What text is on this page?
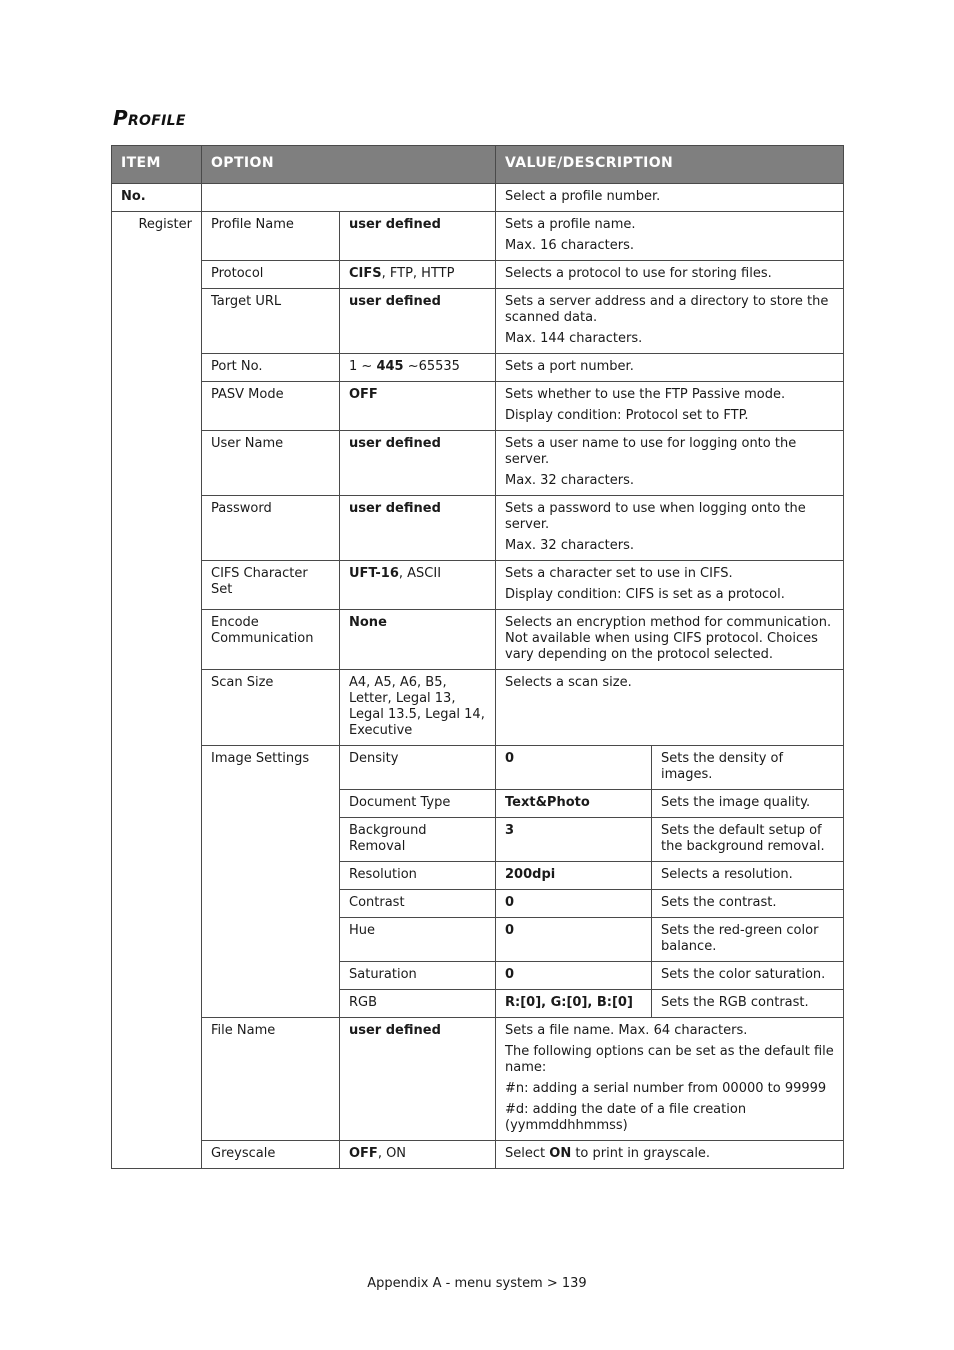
Profile
ITEM	OPTION		VALUE/DESCRIPTION	
No.			Select a profile number.	
Register	Profile Name	user defined	Sets a profile name.

Max. 16 characters.	

	Protocol	CIFS, FTP, HTTP	Selects a protocol to use for storing files.	

	Target URL	user defined	Sets a server address and a directory to store the scanned data.

Max. 144 characters.	

	Port No.	1 ~ 445 ~65535	Sets a port number.	

	PASV Mode	OFF	Sets whether to use the FTP Passive mode.

Display condition: Protocol set to FTP.	

	User Name	user defined	Sets a user name to use for logging onto the server.

Max. 32 characters.	

	Password	user defined	Sets a password to use when logging onto the server.

Max. 32 characters.	

	CIFS Character Set	UFT-16, ASCII	Sets a character set to use in CIFS.

Display condition: CIFS is set as a protocol.	

	Encode Communication	None	Selects an encryption method for communication. Not available when using CIFS protocol. Choices vary depending on the protocol selected.	

	Scan Size	A4, A5, A6, B5, Letter, Legal 13, Legal 13.5, Legal 14, Executive	Selects a scan size.	

	Image Settings	Density	0	Sets the density of images.
		Document Type	Text&Photo	Sets the image quality.
		Background Removal	3	Sets the default setup of the background removal.
		Resolution	200dpi	Selects a resolution.
		Contrast	0	Sets the contrast.
		Hue	0	Sets the red-green color balance.
		Saturation	0	Sets the color saturation.
		RGB	R:[0], G:[0], B:[0]	Sets the RGB contrast.
	File Name	user defined	Sets a file name. Max. 64 characters.

The following options can be set as the default file name:

#n: adding a serial number from 00000 to 99999

#d: adding the date of a file creation (yymmddhhmmss)	

	Greyscale	OFF, ON	Select ON to print in grayscale.	
Appendix A - menu system > 139
